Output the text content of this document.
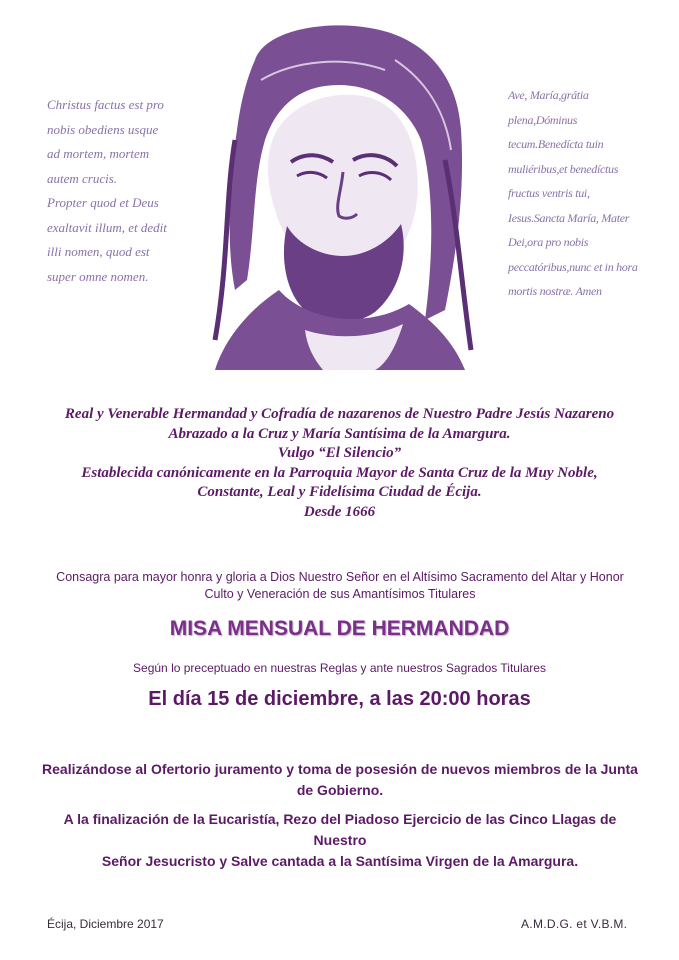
Christus factus est pro
nobis obediens usque
ad mortem, mortem
autem crucis.
Propter quod et Deus
exaltavit illum, et dedit
illi nomen, quod est
super omne nomen.
Ave, María,grátia
plena,Dóminus
tecum.Benedícta tuin
muliéribus,et benedíctus
fructus ventris tui,
Iesus.Sancta María, Mater
Dei,ora pro nobis
peccatóribus,nunc et in hora
mortis nostræ. Amen
Real y Venerable Hermandad y Cofradía de nazarenos de Nuestro Padre Jesús Nazareno
Abrazado a la Cruz y María Santísima de la Amargura.
Vulgo “El Silencio”
Establecida canónicamente en la Parroquia Mayor de Santa Cruz de la Muy Noble,
Constante, Leal y Fidelísima Ciudad de Écija.
Desde 1666
Consagra para mayor honra y gloria a Dios Nuestro Señor en el Altísimo Sacramento del Altar y Honor
Culto y Veneración de sus Amantísimos Titulares
MISA MENSUAL DE HERMANDAD
Según lo preceptuado en nuestras Reglas y ante nuestros Sagrados Titulares
El día 15 de diciembre, a las 20:00 horas
Realizándose al Ofertorio juramento y toma de posesión de nuevos miembros de la Junta
de Gobierno.
A la finalización de la Eucaristía, Rezo del Piadoso Ejercicio de las Cinco Llagas de Nuestro
Señor Jesucristo y Salve cantada a la Santísima Virgen de la Amargura.
Écija, Diciembre 2017	A.M.D.G. et V.B.M.
